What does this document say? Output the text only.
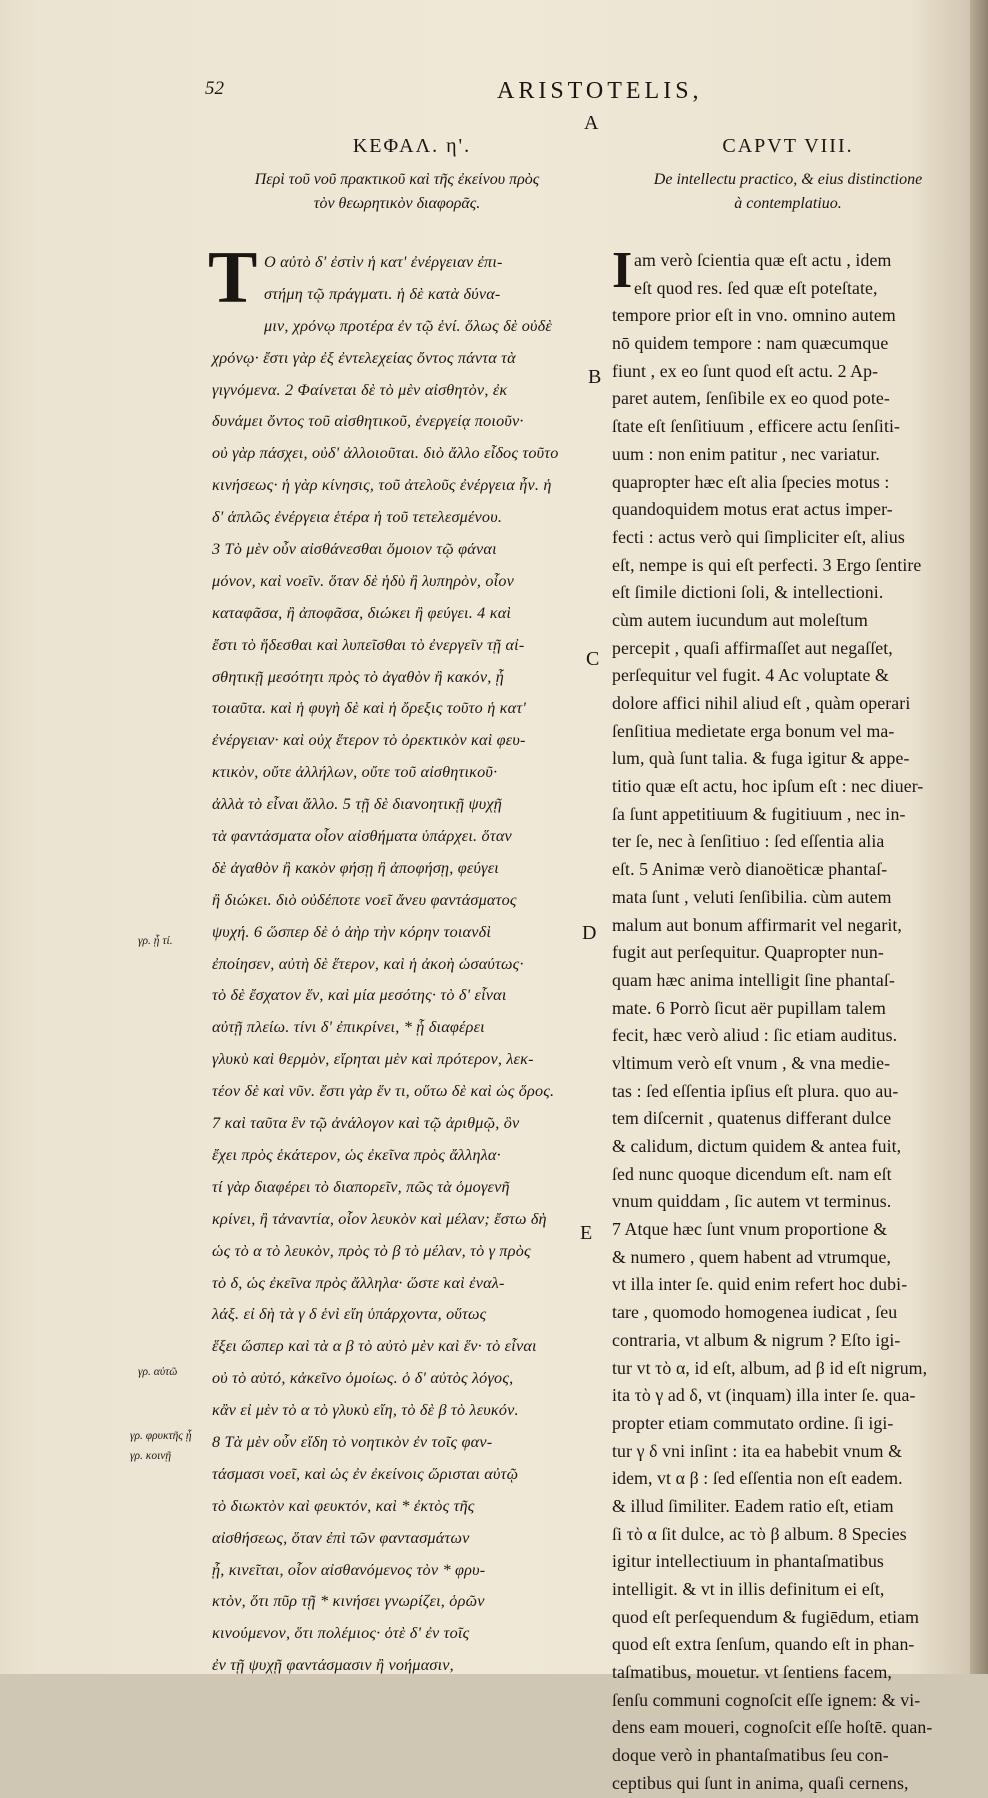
52	ARISTOTELIS,
A
ΚΕΦΑΛ. η'.
Περὶ τοῦ νοῦ πρακτικοῦ καὶ τῆς ἐκείνου πρὸς
τὸν θεωρητικὸν διαφορᾶς.
Τ Ο αὐτὸ δ' ἐστὶν ἡ κατ' ἐνέργειαν ἐπι-
στήμη τῷ πράγματι. ἡ δὲ κατὰ δύνα-
μιν, χρόνῳ προτέρα ἐν τῷ ἑνί. ὅλως δὲ οὐδὲ
χρόνῳ· ἔστι γὰρ ἐξ ἐντελεχείας ὄντος πάντα τὰ
γιγνόμενα. 2 Φαίνεται δὲ τὸ μὲν αἰσθητὸν, ἐκ
δυνάμει ὄντος τοῦ αἰσθητικοῦ, ἐνεργείᾳ ποιοῦν·
οὐ γὰρ πάσχει, οὐδ' ἀλλοιοῦται. διὸ ἄλλο εἶδος τοῦτο
κινήσεως· ἡ γὰρ κίνησις, τοῦ ἀτελοῦς ἐνέργεια ἦν. ἡ
δ' ἁπλῶς ἐνέργεια ἑτέρα ἡ τοῦ τετελεσμένου.
3 Τὸ μὲν οὖν αἰσθάνεσθαι ὅμοιον τῷ φάναι
μόνον, καὶ νοεῖν. ὅταν δὲ ἡδὺ ἢ λυπηρὸν, οἷον
καταφᾶσα, ἢ ἀποφᾶσα, διώκει ἢ φεύγει. 4 καὶ
ἔστι τὸ ἥδεσθαι καὶ λυπεῖσθαι τὸ ἐνεργεῖν τῇ αἰ-
σθητικῇ μεσότητι πρὸς τὸ ἀγαθὸν ἢ κακόν, ᾗ
τοιαῦτα. καὶ ἡ φυγὴ δὲ καὶ ἡ ὄρεξις τοῦτο ἡ κατ'
ἐνέργειαν· καὶ οὐχ ἕτερον τὸ ὀρεκτικὸν καὶ φευ-
κτικὸν, οὔτε ἀλλήλων, οὔτε τοῦ αἰσθητικοῦ·
ἀλλὰ τὸ εἶναι ἄλλο. 5 τῇ δὲ διανοητικῇ ψυχῇ
τὰ φαντάσματα οἷον αἰσθήματα ὑπάρχει. ὅταν
δὲ ἀγαθὸν ἢ κακὸν φήσῃ ἢ ἀποφήσῃ, φεύγει
ἢ διώκει. διὸ οὐδέποτε νοεῖ ἄνευ φαντάσματος
ψυχή. 6 ὥσπερ δὲ ὁ ἀὴρ τὴν κόρην τοιανδὶ
ἐποίησεν, αὐτὴ δὲ ἕτερον, καὶ ἡ ἀκοὴ ὡσαύτως·
τὸ δὲ ἔσχατον ἕν, καὶ μία μεσότης· τὸ δ' εἶναι
αὐτῇ πλείω. τίνι δ' ἐπικρίνει, * ᾗ διαφέρει
γλυκὺ καὶ θερμὸν, εἴρηται μὲν καὶ πρότερον, λεκ-
τέον δὲ καὶ νῦν. ἔστι γὰρ ἕν τι, οὕτω δὲ καὶ ὡς ὅρος.
7 καὶ ταῦτα ἓν τῷ ἀνάλογον καὶ τῷ ἀριθμῷ, ὃν
ἔχει πρὸς ἑκάτερον, ὡς ἐκεῖνα πρὸς ἄλληλα·
τί γὰρ διαφέρει τὸ διαπορεῖν, πῶς τὰ ὁμογενῆ
κρίνει, ἢ τἀναντία, οἷον λευκὸν καὶ μέλαν; ἔστω δὴ
ὡς τὸ α τὸ λευκὸν, πρὸς τὸ β τὸ μέλαν, τὸ γ πρὸς
τὸ δ, ὡς ἐκεῖνα πρὸς ἄλληλα· ὥστε καὶ ἐναλ-
λάξ. εἰ δὴ τὰ γ δ ἑνὶ εἴη ὑπάρχοντα, οὕτως
ἕξει ὥσπερ καὶ τὰ α β τὸ αὐτὸ μὲν καὶ ἕν· τὸ εἶναι
οὐ τὸ αὐτό, κἀκεῖνο ὁμοίως. ὁ δ' αὐτὸς λόγος,
κἂν εἰ μὲν τὸ α τὸ γλυκὺ εἴη, τὸ δὲ β τὸ λευκόν.
8 Τὰ μὲν οὖν εἴδη τὸ νοητικὸν ἐν τοῖς φαν-
τάσμασι νοεῖ, καὶ ὡς ἐν ἐκείνοις ὥρισται αὐτῷ
τὸ διωκτὸν καὶ φευκτόν, καὶ * ἐκτὸς τῆς
αἰσθήσεως, ὅταν ἐπὶ τῶν φαντασμάτων
ᾖ, κινεῖται, οἷον αἰσθανόμενος τὸν * φρυ-
κτὸν, ὅτι πῦρ τῇ * κινήσει γνωρίζει, ὁρῶν
κινούμενον, ὅτι πολέμιος· ὁτὲ δ' ἐν τοῖς
ἐν τῇ ψυχῇ φαντάσμασιν ἢ νοήμασιν,
CAPVT VIII.
De intellectu practico, & eius distinctione
à contemplatiuo.
I am verò ſcientia quæ eſt actu , idem
eſt quod res. ſed quæ eſt poteſtate,
tempore prior eſt in vno. omnino autem
nō quidem tempore : nam quæcumque
fiunt , ex eo ſunt quod eſt actu. 2 Ap-
paret autem, ſenſibile ex eo quod pote-
ſtate eſt ſenſitiuum , efficere actu ſenſiti-
uum : non enim patitur , nec variatur.
quapropter hæc eſt alia ſpecies motus :
quandoquidem motus erat actus imper-
fecti : actus verò qui ſimpliciter eſt, alius
eſt, nempe is qui eſt perfecti. 3 Ergo ſentire
eſt ſimile dictioni ſoli, & intellectioni.
cùm autem iucundum aut moleſtum
percepit , quaſi affirmaſſet aut negaſſet,
perſequitur vel fugit. 4 Ac voluptate &
dolore affici nihil aliud eſt , quàm operari
ſenſitiua medietate erga bonum vel ma-
lum, quà ſunt talia. & fuga igitur & appe-
titio quæ eſt actu, hoc ipſum eſt : nec diuer-
ſa ſunt appetitiuum & fugitiuum , nec in-
ter ſe, nec à ſenſitiuo : ſed eſſentia alia
eſt. 5 Animæ verò dianoëticæ phantaſ-
mata ſunt , veluti ſenſibilia. cùm autem
malum aut bonum affirmarit vel negarit,
fugit aut perſequitur. Quapropter nun-
quam hæc anima intelligit ſine phantaſ-
mate. 6 Porrò ſicut aër pupillam talem
fecit, hæc verò aliud : ſic etiam auditus.
vltimum verò eſt vnum , & vna medie-
tas : ſed eſſentia ipſius eſt plura. quo au-
tem diſcernit , quatenus differant dulce
& calidum, dictum quidem & antea fuit,
ſed nunc quoque dicendum eſt. nam eſt
vnum quiddam , ſic autem vt terminus.
7 Atque hæc ſunt vnum proportione &
& numero , quem habent ad vtrumque,
vt illa inter ſe. quid enim refert hoc dubi-
tare , quomodo homogenea iudicat , ſeu
contraria, vt album & nigrum ? Eſto igi-
tur vt τὸ α, id eſt, album, ad β id eſt nigrum,
ita τὸ γ ad δ, vt (inquam) illa inter ſe. qua-
propter etiam commutato ordine. ſi igi-
tur γ δ vni inſint : ita ea habebit vnum &
idem, vt α β : ſed eſſentia non eſt eadem.
& illud ſimiliter. Eadem ratio eſt, etiam
ſi τὸ α ſit dulce, ac τὸ β album. 8 Species
igitur intellectiuum in phantaſmatibus
intelligit. & vt in illis definitum ei eſt,
quod eſt perſequendum & fugiēdum, etiam
quod eſt extra ſenſum, quando eſt in phan-
taſmatibus, mouetur. vt ſentiens facem,
ſenſu communi cognoſcit eſſe ignem: & vi-
dens eam moueri, cognoſcit eſſe hoſtē. quan-
doque verò in phantaſmatibus ſeu con-
ceptibus qui ſunt in anima, quaſi cernens,
B
C
D
E
γρ. ᾗ τί.
γρ. αὐτῶ
γρ. φρυκτῆς ᾗ
γρ. κοινῇ
